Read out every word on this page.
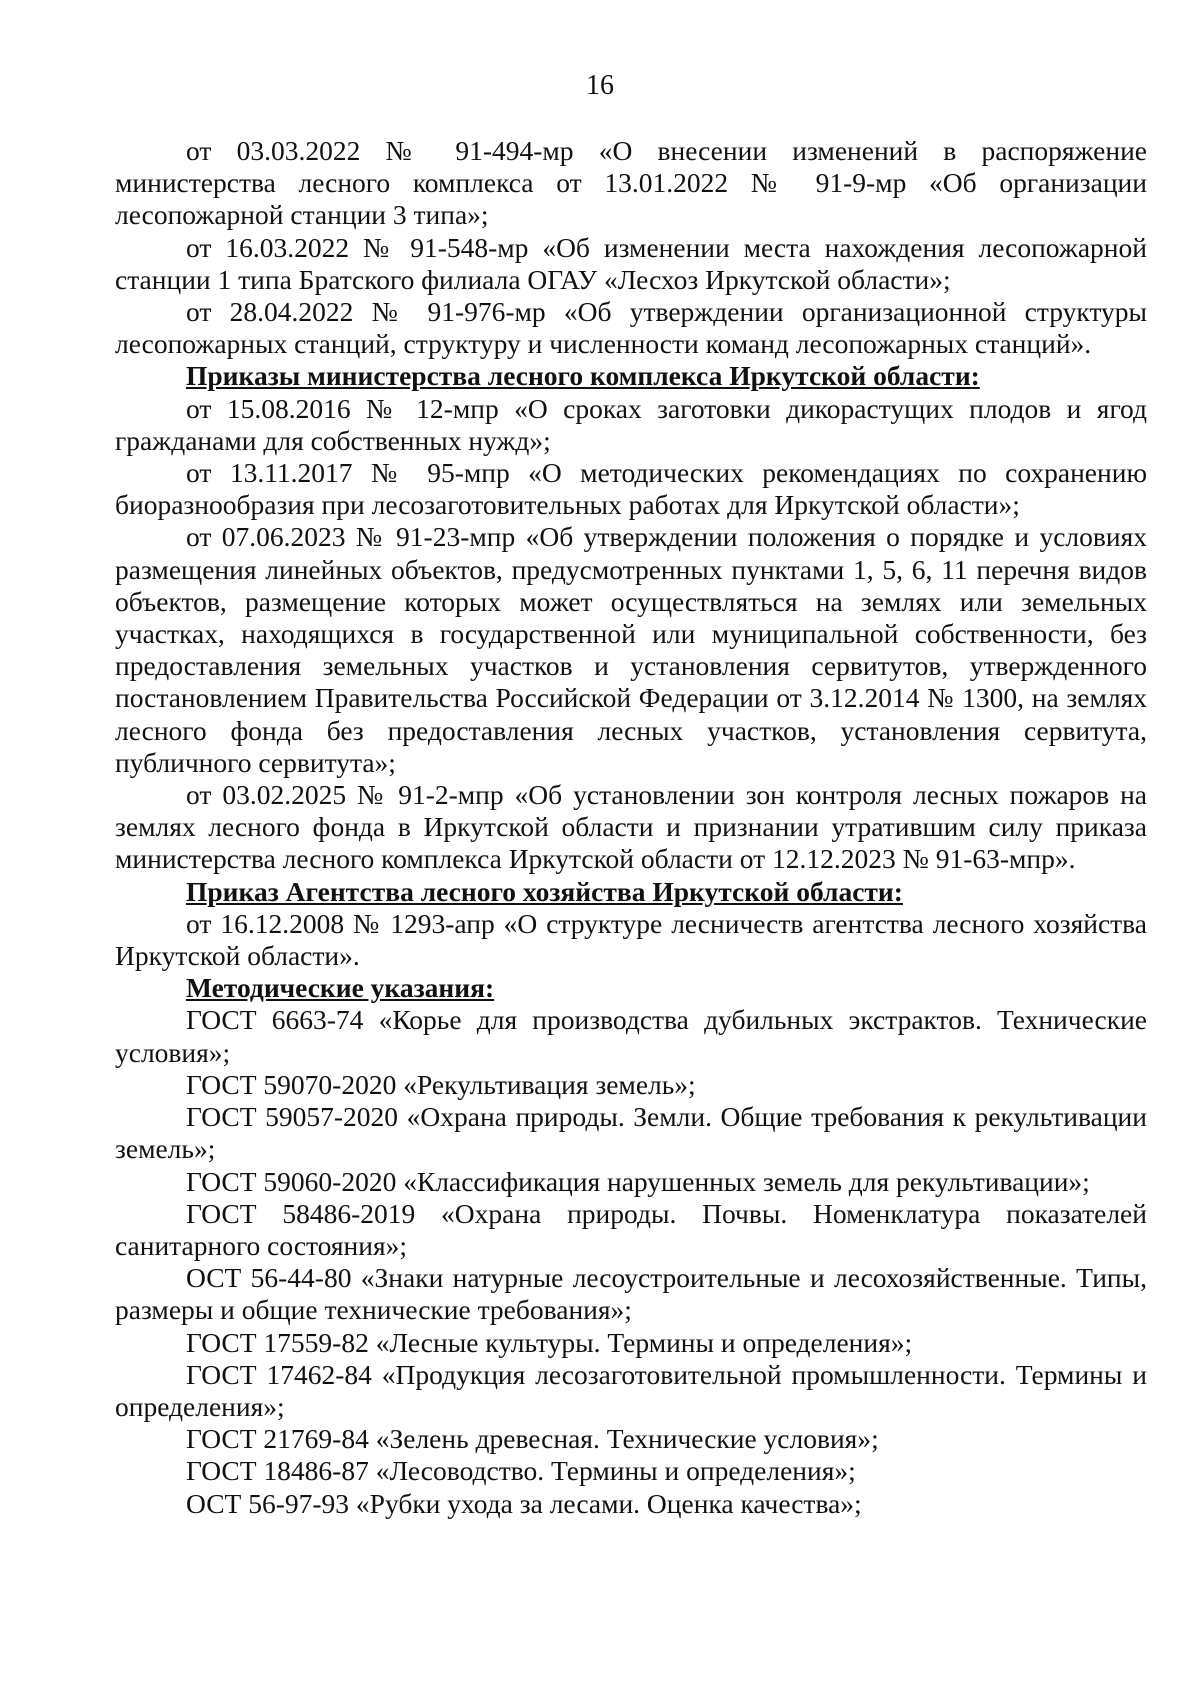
16

от 03.03.2022 № 91-494-мр «О внесении изменений в распоряжение министерства лесного комплекса от 13.01.2022 № 91-9-мр «Об организации лесопожарной станции 3 типа»;

от 16.03.2022 № 91-548-мр «Об изменении места нахождения лесопожарной станции 1 типа Братского филиала ОГАУ «Лесхоз Иркутской области»;

от 28.04.2022 № 91-976-мр «Об утверждении организационной структуры лесопожарных станций, структуру и численности команд лесопожарных станций».

Приказы министерства лесного комплекса Иркутской области:

от 15.08.2016 № 12-мпр «О сроках заготовки дикорастущих плодов и ягод гражданами для собственных нужд»;

от 13.11.2017 № 95-мпр «О методических рекомендациях по сохранению биоразнообразия при лесозаготовительных работах для Иркутской области»;

от 07.06.2023 № 91-23-мпр «Об утверждении положения о порядке и условиях размещения линейных объектов, предусмотренных пунктами 1, 5, 6, 11 перечня видов объектов, размещение которых может осуществляться на землях или земельных участках, находящихся в государственной или муниципальной собственности, без предоставления земельных участков и установления сервитутов, утвержденного постановлением Правительства Российской Федерации от 3.12.2014 № 1300, на землях лесного фонда без предоставления лесных участков, установления сервитута, публичного сервитута»;

от 03.02.2025 № 91-2-мпр «Об установлении зон контроля лесных пожаров на землях лесного фонда в Иркутской области и признании утратившим силу приказа министерства лесного комплекса Иркутской области от 12.12.2023 № 91-63-мпр».

Приказ Агентства лесного хозяйства Иркутской области:

от 16.12.2008 № 1293-апр «О структуре лесничеств агентства лесного хозяйства Иркутской области».

Методические указания:

ГОСТ 6663-74 «Корье для производства дубильных экстрактов. Технические условия»;

ГОСТ 59070-2020 «Рекультивация земель»;

ГОСТ 59057-2020 «Охрана природы. Земли. Общие требования к рекультивации земель»;

ГОСТ 59060-2020 «Классификация нарушенных земель для рекультивации»;

ГОСТ 58486-2019 «Охрана природы. Почвы. Номенклатура показателей санитарного состояния»;

ОСТ 56-44-80 «Знаки натурные лесоустроительные и лесохозяйственные. Типы, размеры и общие технические требования»;

ГОСТ 17559-82 «Лесные культуры. Термины и определения»;

ГОСТ 17462-84 «Продукция лесозаготовительной промышленности. Термины и определения»;

ГОСТ 21769-84 «Зелень древесная. Технические условия»;

ГОСТ 18486-87 «Лесоводство. Термины и определения»;

ОСТ 56-97-93 «Рубки ухода за лесами. Оценка качества»;
